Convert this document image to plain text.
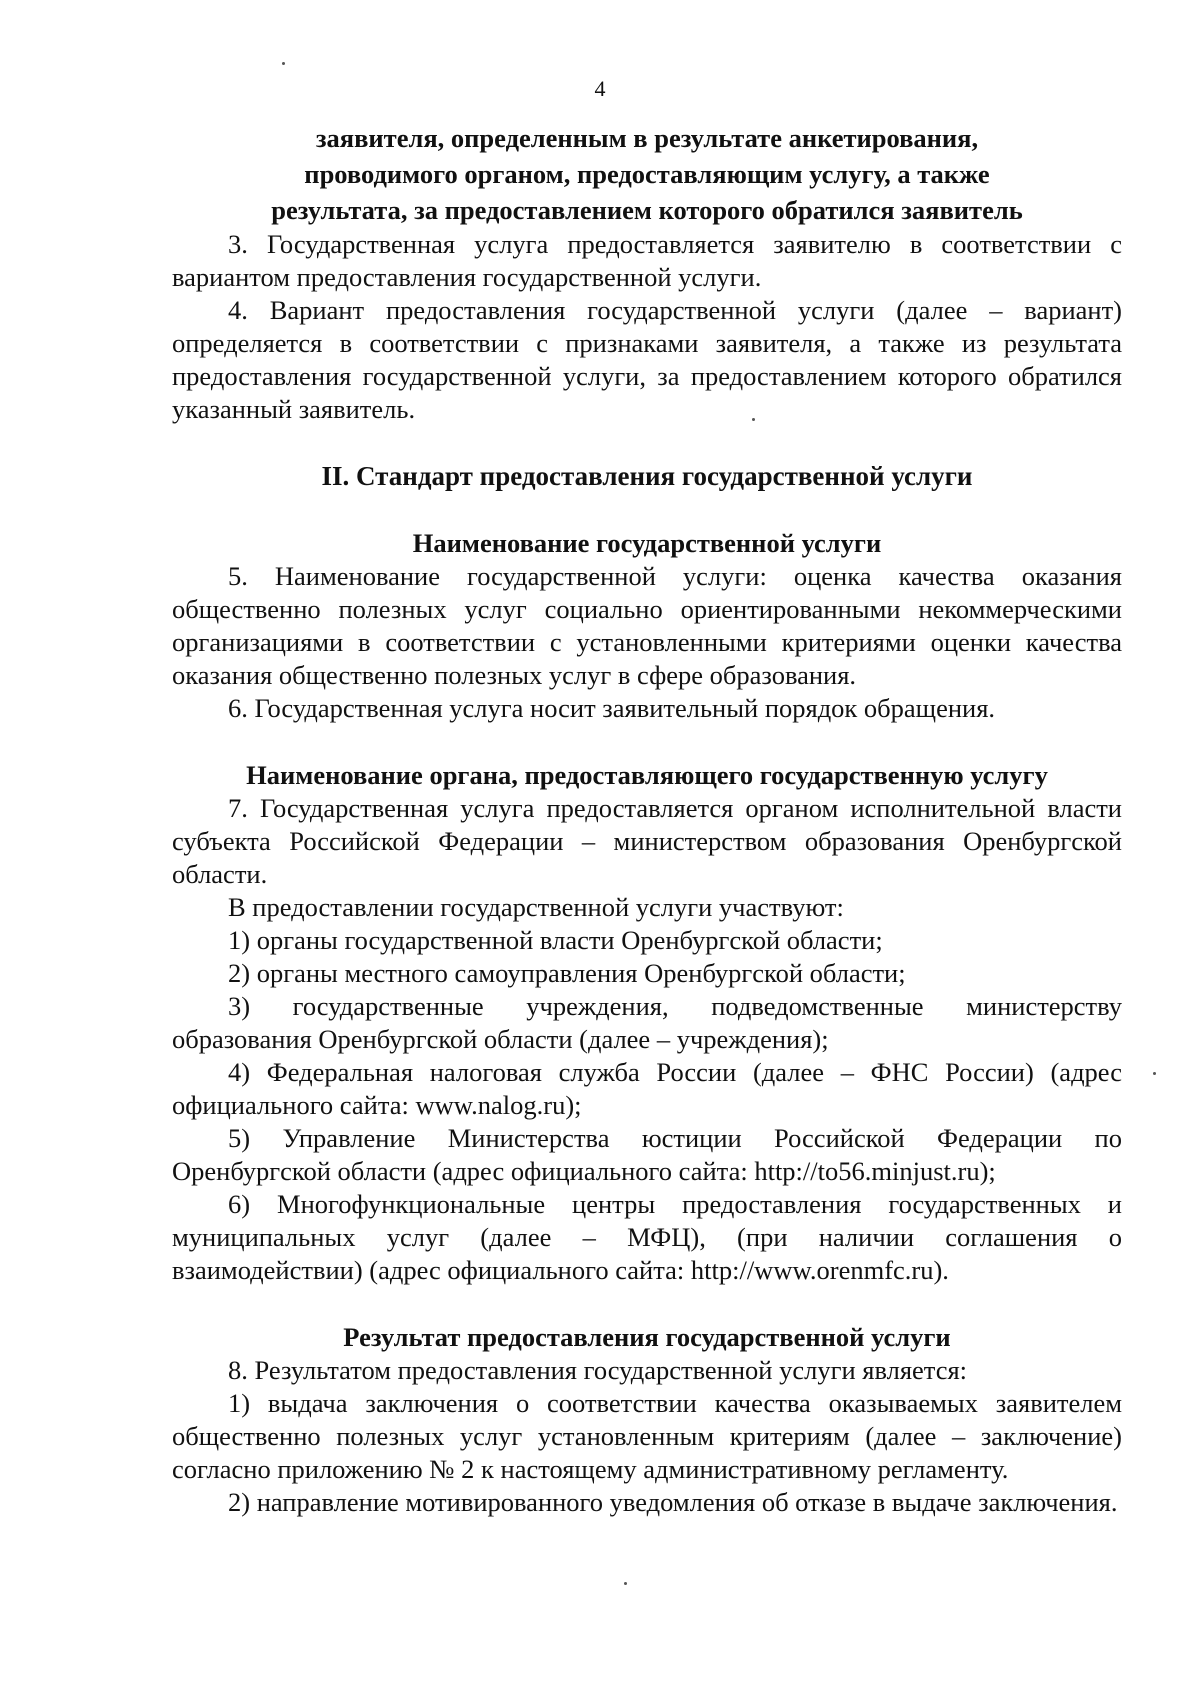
4
заявителя, определенным в результате анкетирования,
проводимого органом, предоставляющим услугу, а также
результата, за предоставлением которого обратился заявитель

3. Государственная услуга предоставляется заявителю в соответствии с вариантом предоставления государственной услуги.

4. Вариант предоставления государственной услуги (далее – вариант) определяется в соответствии с признаками заявителя, а также из результата предоставления государственной услуги, за предоставлением которого обратился указанный заявитель.

II. Стандарт предоставления государственной услуги
Наименование государственной услуги

5. Наименование государственной услуги: оценка качества оказания общественно полезных услуг социально ориентированными некоммерческими организациями в соответствии с установленными критериями оценки качества оказания общественно полезных услуг в сфере образования.

6. Государственная услуга носит заявительный порядок обращения.

Наименование органа, предоставляющего государственную услугу

7. Государственная услуга предоставляется органом исполнительной власти субъекта Российской Федерации – министерством образования Оренбургской области.

В предоставлении государственной услуги участвуют:

1) органы государственной власти Оренбургской области;

2) органы местного самоуправления Оренбургской области;

3) государственные учреждения, подведомственные министерству образования Оренбургской области (далее – учреждения);

4) Федеральная налоговая служба России (далее – ФНС России) (адрес официального сайта: www.nalog.ru);

5) Управление Министерства юстиции Российской Федерации по Оренбургской области (адрес официального сайта: http://to56.minjust.ru);

6) Многофункциональные центры предоставления государственных и муниципальных услуг (далее – МФЦ), (при наличии соглашения о взаимодействии) (адрес официального сайта: http://www.orenmfc.ru).

Результат предоставления государственной услуги

8. Результатом предоставления государственной услуги является:

1) выдача заключения о соответствии качества оказываемых заявителем общественно полезных услуг установленным критериям (далее – заключение) согласно приложению № 2 к настоящему административному регламенту.

2) направление мотивированного уведомления об отказе в выдаче заключения.
